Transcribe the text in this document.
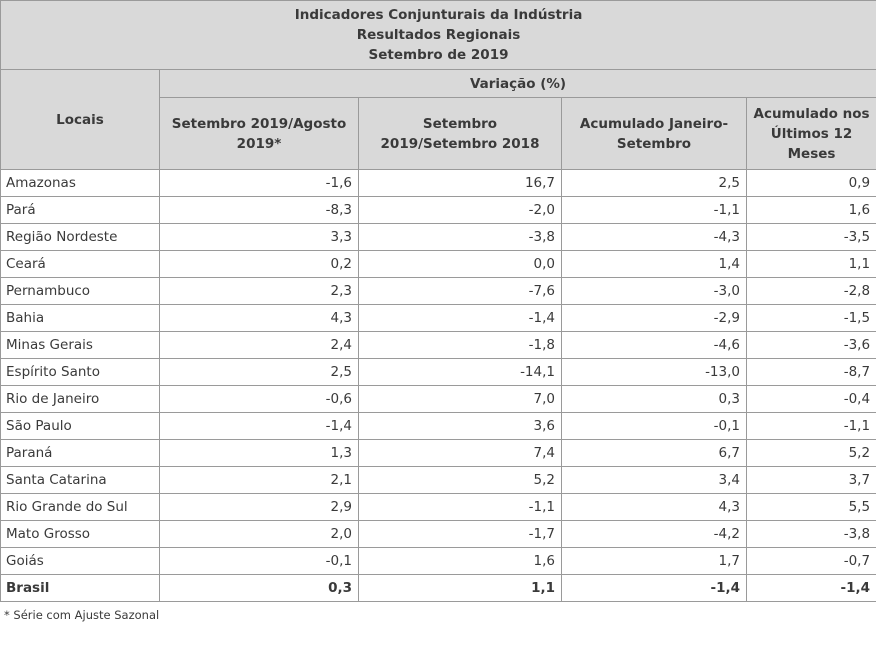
Indicadores Conjunturais da Indústria
Resultados Regionais
Setembro de 2019				

Locais	Variação (%)			
	Setembro 2019/Agosto 2019*	Setembro 2019/Setembro 2018	Acumulado Janeiro-Setembro	Acumulado nos Últimos 12 Meses
Amazonas	-1,6	16,7	2,5	0,9
Pará	-8,3	-2,0	-1,1	1,6
Região Nordeste	3,3	-3,8	-4,3	-3,5
Ceará	0,2	0,0	1,4	1,1
Pernambuco	2,3	-7,6	-3,0	-2,8
Bahia	4,3	-1,4	-2,9	-1,5
Minas Gerais	2,4	-1,8	-4,6	-3,6
Espírito Santo	2,5	-14,1	-13,0	-8,7
Rio de Janeiro	-0,6	7,0	0,3	-0,4
São Paulo	-1,4	3,6	-0,1	-1,1
Paraná	1,3	7,4	6,7	5,2
Santa Catarina	2,1	5,2	3,4	3,7
Rio Grande do Sul	2,9	-1,1	4,3	5,5
Mato Grosso	2,0	-1,7	-4,2	-3,8
Goiás	-0,1	1,6	1,7	-0,7
Brasil	0,3	1,1	-1,4	-1,4
* Série com Ajuste Sazonal
